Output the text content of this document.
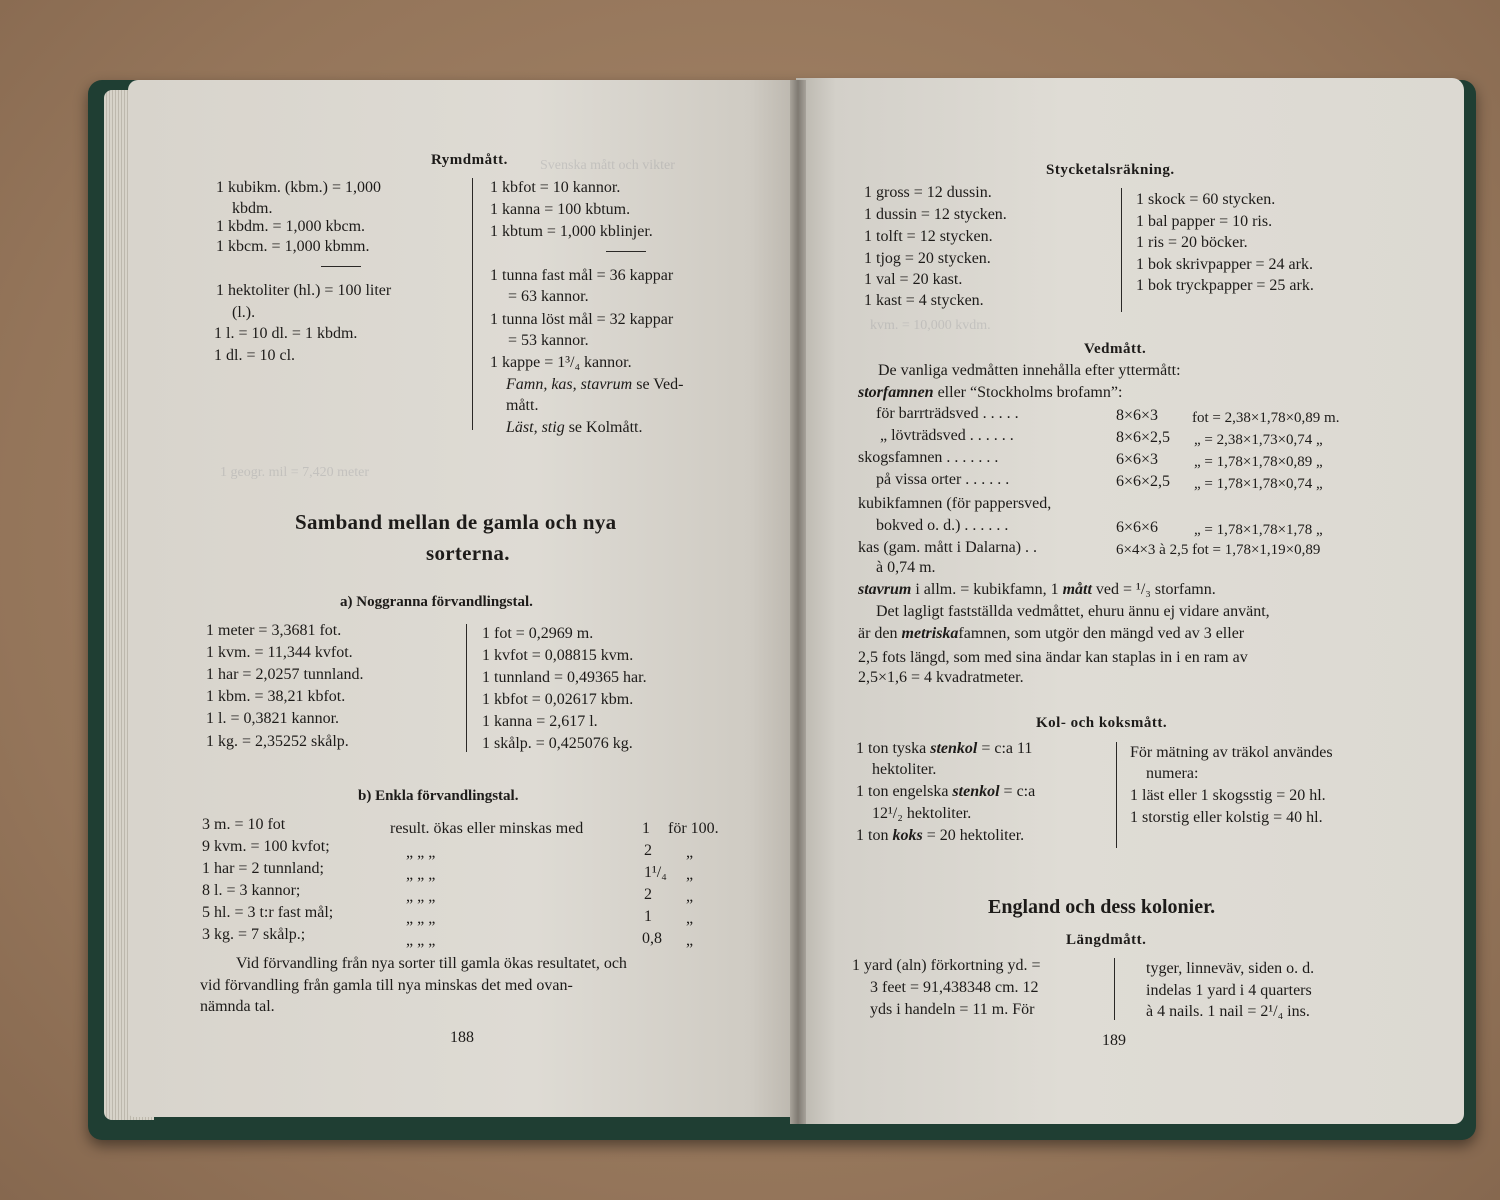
Svenska mått och vikter
kvm. = 10,000 kvdm.
1 geogr. mil = 7,420 meter
Rymdmått.
1 kubikm. (kbm.) = 1,000
kbdm.
1 kbdm. = 1,000 kbcm.
1 kbcm. = 1,000 kbmm.
1 hektoliter (hl.) = 100 liter
(l.).
1 l. = 10 dl. = 1 kbdm.
1 dl. = 10 cl.
1 kbfot = 10 kannor.
1 kanna = 100 kbtum.
1 kbtum = 1,000 kblinjer.
1 tunna fast mål = 36 kappar
= 63 kannor.
1 tunna löst mål = 32 kappar
= 53 kannor.
1 kappe = 1³/₄ kannor.
Famn, kas, stavrum se Ved-
mått.
Läst, stig se Kolmått.
Samband mellan de gamla och nya
sorterna.
a) Noggranna förvandlingstal.
1 meter = 3,3681 fot.
1 kvm. = 11,344 kvfot.
1 har = 2,0257 tunnland.
1 kbm. = 38,21 kbfot.
1 l. = 0,3821 kannor.
1 kg. = 2,35252 skålp.
1 fot = 0,2969 m.
1 kvfot = 0,08815 kvm.
1 tunnland = 0,49365 har.
1 kbfot = 0,02617 kbm.
1 kanna = 2,617 l.
1 skålp. = 0,425076 kg.
b) Enkla förvandlingstal.
3 m. = 10 fot	result. ökas eller minskas med	1 för 100.
9 kvm. = 100 kvfot;	„ „ „	2 „
1 har = 2 tunnland;	„ „ „	1¹/₄ „
8 l. = 3 kannor;	„ „ „	2 „
5 hl. = 3 t:r fast mål;	„ „ „	1 „
3 kg. = 7 skålp.;	„ „ „	0,8 „
Vid förvandling från nya sorter till gamla ökas resultatet, och
vid förvandling från gamla till nya minskas det med ovan-
nämnda tal.
188
Stycketalsräkning.
1 gross = 12 dussin.
1 dussin = 12 stycken.
1 tolft = 12 stycken.
1 tjog = 20 stycken.
1 val = 20 kast.
1 kast = 4 stycken.
1 skock = 60 stycken.
1 bal papper = 10 ris.
1 ris = 20 böcker.
1 bok skrivpapper = 24 ark.
1 bok tryckpapper = 25 ark.
Vedmått.
De vanliga vedmåtten innehålla efter yttermått:
storfamnen eller “Stockholms brofamn”:
för barrträdsved . . . . .	8×6×3 fot = 2,38×1,78×0,89 m.
„ lövträdsved . . . . . .	8×6×2,5 „ = 2,38×1,73×0,74 „
skogsfamnen . . . . . . .	6×6×3 „ = 1,78×1,78×0,89 „
på vissa orter . . . . . .	6×6×2,5 „ = 1,78×1,78×0,74 „
kubikfamnen (för pappersved,
bokved o. d.) . . . . . .	6×6×6 „ = 1,78×1,78×1,78 „
kas (gam. mått i Dalarna) . .	6×4×3 à 2,5 fot = 1,78×1,19×0,89
à 0,74 m.
stavrum i allm. = kubikfamn, 1 mått ved = ¹/₃ storfamn.
Det lagligt fastställda vedmåttet, ehuru ännu ej vidare använt,
är den metriskafamnen, som utgör den mängd ved av 3 eller
2,5 fots längd, som med sina ändar kan staplas in i en ram av
2,5×1,6 = 4 kvadratmeter.
Kol- och koksmått.
1 ton tyska stenkol = c:a 11
hektoliter.
1 ton engelska stenkol = c:a
12¹/₂ hektoliter.
1 ton koks = 20 hektoliter.
För mätning av träkol användes
numera:
1 läst eller 1 skogsstig = 20 hl.
1 storstig eller kolstig = 40 hl.
England och dess kolonier.
Längdmått.
1 yard (aln) förkortning yd. =
3 feet = 91,438348 cm. 12
yds i handeln = 11 m. För
tyger, linneväv, siden o. d.
indelas 1 yard i 4 quarters
à 4 nails. 1 nail = 2¹/₄ ins.
189
